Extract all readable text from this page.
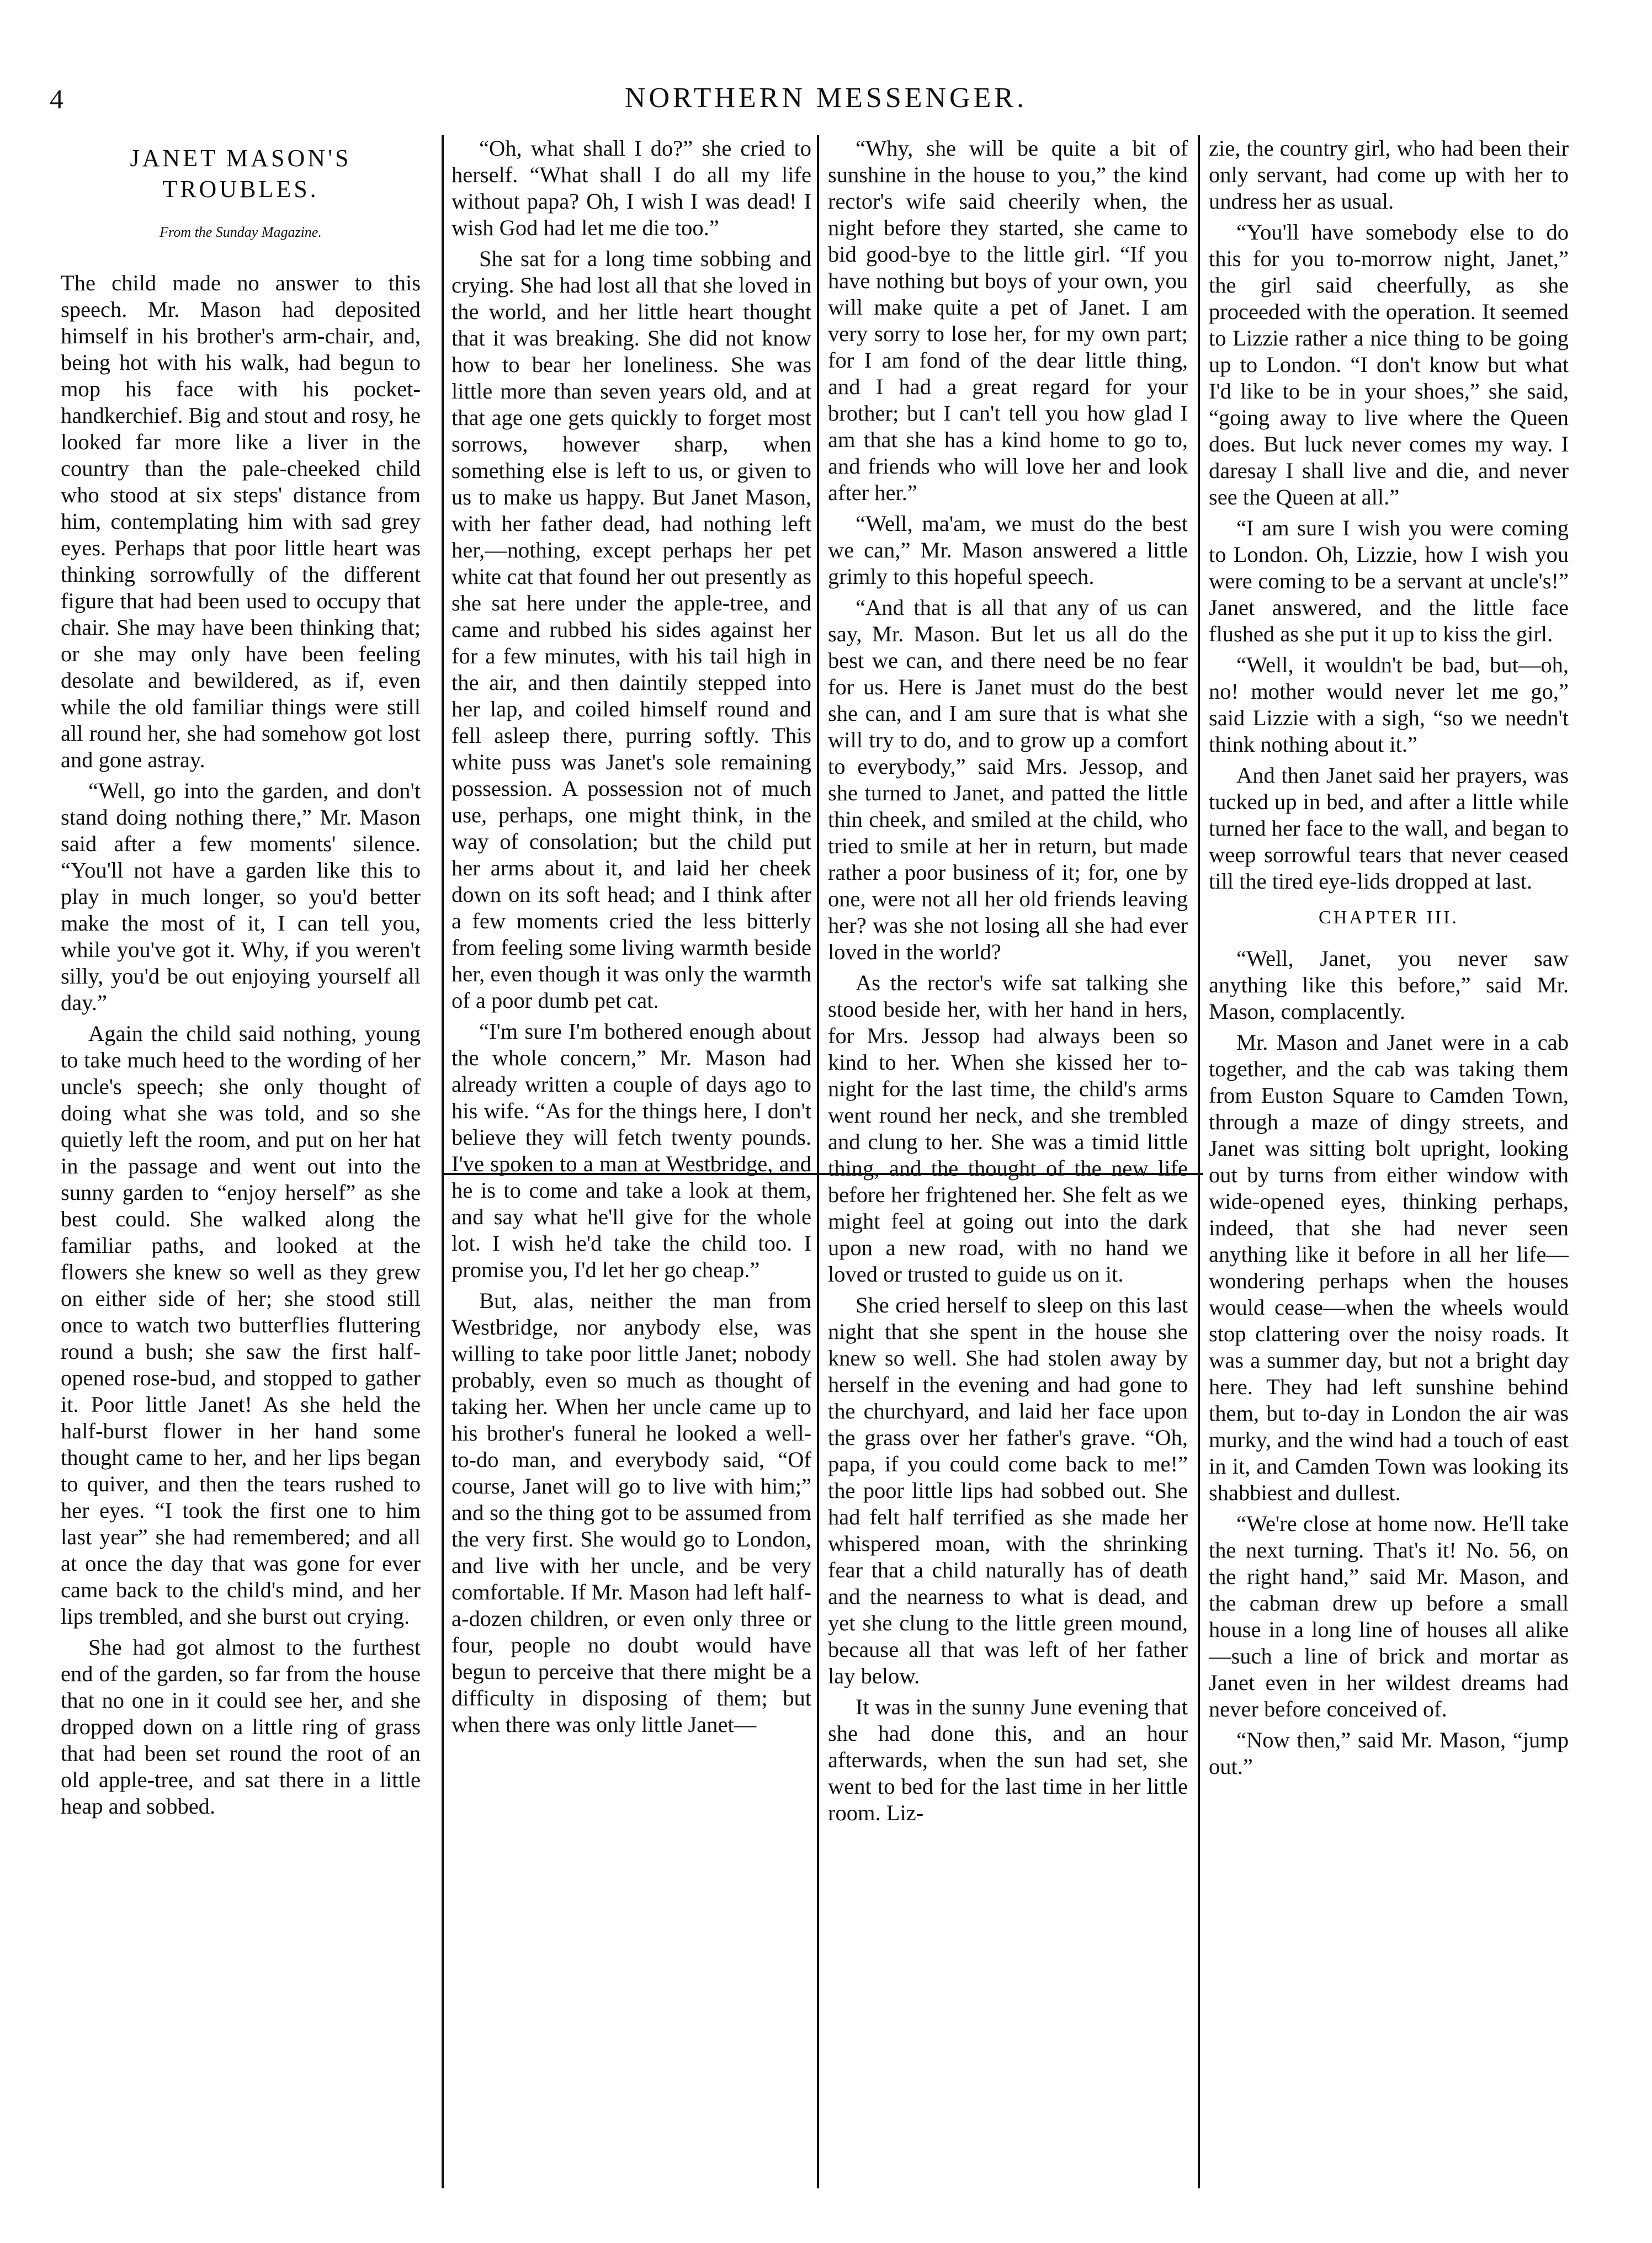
4	NORTHERN MESSENGER.
JANET MASON'S TROUBLES.
From the Sunday Magazine.

The child made no answer to this speech. Mr. Mason had deposited himself in his brother's arm-chair, and, being hot with his walk, had begun to mop his face with his pocket-handkerchief. Big and stout and rosy, he looked far more like a liver in the country than the pale-cheeked child who stood at six steps' distance from him, contemplating him with sad grey eyes. Perhaps that poor little heart was thinking sorrowfully of the different figure that had been used to occupy that chair. She may have been thinking that; or she may only have been feeling desolate and bewildered, as if, even while the old familiar things were still all round her, she had somehow got lost and gone astray.

“Well, go into the garden, and don't stand doing nothing there,” Mr. Mason said after a few moments' silence. “You'll not have a garden like this to play in much longer, so you'd better make the most of it, I can tell you, while you've got it. Why, if you weren't silly, you'd be out enjoying yourself all day.”

Again the child said nothing, young to take much heed to the wording of her uncle's speech; she only thought of doing what she was told, and so she quietly left the room, and put on her hat in the passage and went out into the sunny garden to “enjoy herself” as she best could. She walked along the familiar paths, and looked at the flowers she knew so well as they grew on either side of her; she stood still once to watch two butterflies fluttering round a bush; she saw the first half-opened rose-bud, and stopped to gather it. Poor little Janet! As she held the half-burst flower in her hand some thought came to her, and her lips began to quiver, and then the tears rushed to her eyes. “I took the first one to him last year” she had remembered; and all at once the day that was gone for ever came back to the child's mind, and her lips trembled, and she burst out crying.

She had got almost to the furthest end of the garden, so far from the house that no one in it could see her, and she dropped down on a little ring of grass that had been set round the root of an old apple-tree, and sat there in a little heap and sobbed.

“Oh, what shall I do?” she cried to herself. “What shall I do all my life without papa? Oh, I wish I was dead! I wish God had let me die too.”

She sat for a long time sobbing and crying. She had lost all that she loved in the world, and her little heart thought that it was breaking. She did not know how to bear her loneliness. She was little more than seven years old, and at that age one gets quickly to forget most sorrows, however sharp, when something else is left to us, or given to us to make us happy. But Janet Mason, with her father dead, had nothing left her,—nothing, except perhaps her pet white cat that found her out presently as she sat here under the apple-tree, and came and rubbed his sides against her for a few minutes, with his tail high in the air, and then daintily stepped into her lap, and coiled himself round and fell asleep there, purring softly. This white puss was Janet's sole remaining possession. A possession not of much use, perhaps, one might think, in the way of consolation; but the child put her arms about it, and laid her cheek down on its soft head; and I think after a few moments cried the less bitterly from feeling some living warmth beside her, even though it was only the warmth of a poor dumb pet cat.

“I'm sure I'm bothered enough about the whole concern,” Mr. Mason had already written a couple of days ago to his wife. “As for the things here, I don't believe they will fetch twenty pounds. I've spoken to a man at Westbridge, and he is to come and take a look at them, and say what he'll give for the whole lot. I wish he'd take the child too. I promise you, I'd let her go cheap.”

But, alas, neither the man from Westbridge, nor anybody else, was willing to take poor little Janet; nobody probably, even so much as thought of taking her. When her uncle came up to his brother's funeral he looked a well-to-do man, and everybody said, “Of course, Janet will go to live with him;” and so the thing got to be assumed from the very first. She would go to London, and live with her uncle, and be very comfortable. If Mr. Mason had left half-a-dozen children, or even only three or four, people no doubt would have begun to perceive that there might be a difficulty in disposing of them; but when there was only little Janet—

“Why, she will be quite a bit of sunshine in the house to you,” the kind rector's wife said cheerily when, the night before they started, she came to bid good-bye to the little girl. “If you have nothing but boys of your own, you will make quite a pet of Janet. I am very sorry to lose her, for my own part; for I am fond of the dear little thing, and I had a great regard for your brother; but I can't tell you how glad I am that she has a kind home to go to, and friends who will love her and look after her.”

“Well, ma'am, we must do the best we can,” Mr. Mason answered a little grimly to this hopeful speech.

“And that is all that any of us can say, Mr. Mason. But let us all do the best we can, and there need be no fear for us. Here is Janet must do the best she can, and I am sure that is what she will try to do, and to grow up a comfort to everybody,” said Mrs. Jessop, and she turned to Janet, and patted the little thin cheek, and smiled at the child, who tried to smile at her in return, but made rather a poor business of it; for, one by one, were not all her old friends leaving her? was she not losing all she had ever loved in the world?

As the rector's wife sat talking she stood beside her, with her hand in hers, for Mrs. Jessop had always been so kind to her. When she kissed her to-night for the last time, the child's arms went round her neck, and she trembled and clung to her. She was a timid little thing, and the thought of the new life before her frightened her. She felt as we might feel at going out into the dark upon a new road, with no hand we loved or trusted to guide us on it.

She cried herself to sleep on this last night that she spent in the house she knew so well. She had stolen away by herself in the evening and had gone to the churchyard, and laid her face upon the grass over her father's grave. “Oh, papa, if you could come back to me!” the poor little lips had sobbed out. She had felt half terrified as she made her whispered moan, with the shrinking fear that a child naturally has of death and the nearness to what is dead, and yet she clung to the little green mound, because all that was left of her father lay below.

It was in the sunny June evening that she had done this, and an hour afterwards, when the sun had set, she went to bed for the last time in her little room. Liz-

zie, the country girl, who had been their only servant, had come up with her to undress her as usual.

“You'll have somebody else to do this for you to-morrow night, Janet,” the girl said cheerfully, as she proceeded with the operation. It seemed to Lizzie rather a nice thing to be going up to London. “I don't know but what I'd like to be in your shoes,” she said, “going away to live where the Queen does. But luck never comes my way. I daresay I shall live and die, and never see the Queen at all.”

“I am sure I wish you were coming to London. Oh, Lizzie, how I wish you were coming to be a servant at uncle's!” Janet answered, and the little face flushed as she put it up to kiss the girl.

“Well, it wouldn't be bad, but—oh, no! mother would never let me go,” said Lizzie with a sigh, “so we needn't think nothing about it.”

And then Janet said her prayers, was tucked up in bed, and after a little while turned her face to the wall, and began to weep sorrowful tears that never ceased till the tired eye-lids dropped at last.

CHAPTER III.

“Well, Janet, you never saw anything like this before,” said Mr. Mason, complacently.

Mr. Mason and Janet were in a cab together, and the cab was taking them from Euston Square to Camden Town, through a maze of dingy streets, and Janet was sitting bolt upright, looking out by turns from either window with wide-opened eyes, thinking perhaps, indeed, that she had never seen anything like it before in all her life—wondering perhaps when the houses would cease—when the wheels would stop clattering over the noisy roads. It was a summer day, but not a bright day here. They had left sunshine behind them, but to-day in London the air was murky, and the wind had a touch of east in it, and Camden Town was looking its shabbiest and dullest.

“We're close at home now. He'll take the next turning. That's it! No. 56, on the right hand,” said Mr. Mason, and the cabman drew up before a small house in a long line of houses all alike—such a line of brick and mortar as Janet even in her wildest dreams had never before conceived of.

“Now then,” said Mr. Mason, “jump out.”
